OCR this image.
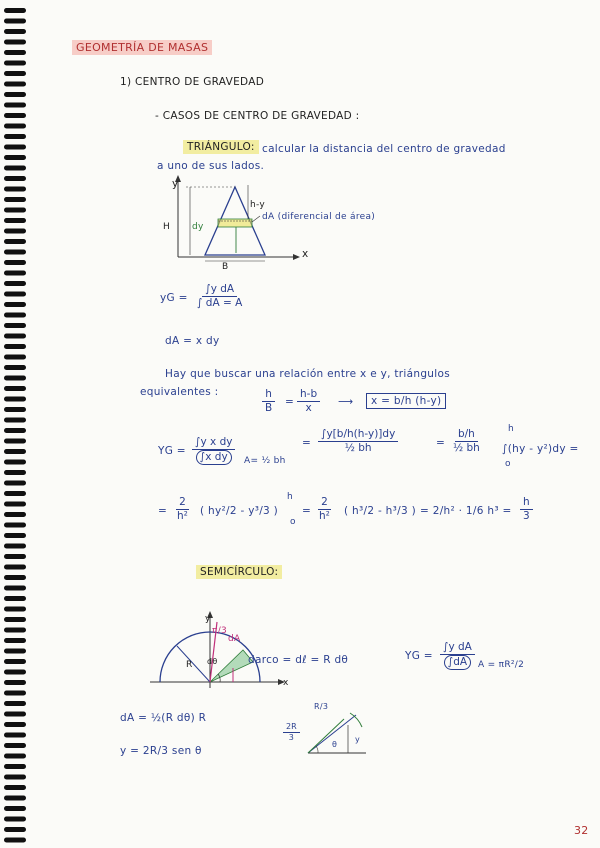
GEOMETRÍA DE MASAS
1) CENTRO DE GRAVEDAD
- CASOS DE CENTRO DE GRAVEDAD :
TRIÁNGULO: calcular la distancia del centro de gravedad
a uno de sus lados.
y
x
H
B
h-y
dy
dA (diferencial de área)
yG = $\frac{\text{∫y dA}}{\int dA = A}$
dA = x dy
Hay que buscar una relación entre x e y, triángulos
equivalentes :	$\frac{h}{B} = \frac{h-b}{x}$ ⟶	x = b/h (h-y)
YG = $\frac{\text{∫y x dy}}{\text{∫x dy}} A=$ ½ bh
= $\frac{\int y[b/h(h-y)]dy}{\text{½ bh}}$	= $\frac{b/h}{\text{½ bh}}$	h
∫(hy - y²)dy =
o
= $\frac{2}{\text{h²}}$ ( hy²/2 - y³/3 )
h
o
= $\frac{2}{\text{h²}}$ ( h³/2 - h³/3 ) = 2/h² · 1/6 $h^3 = \frac{h}{3}$
SEMICÍRCULO:
y
π/3
dA
R dθ
x
darco = dℓ = R dθ	YG = $\frac{\text{∫y dA}}{\int dA}$ A = πR²/2
dA = ½(R dθ) R
y = 2R/3 sen θ
R/3
$\frac{2R}{3}$
θ
y
32
